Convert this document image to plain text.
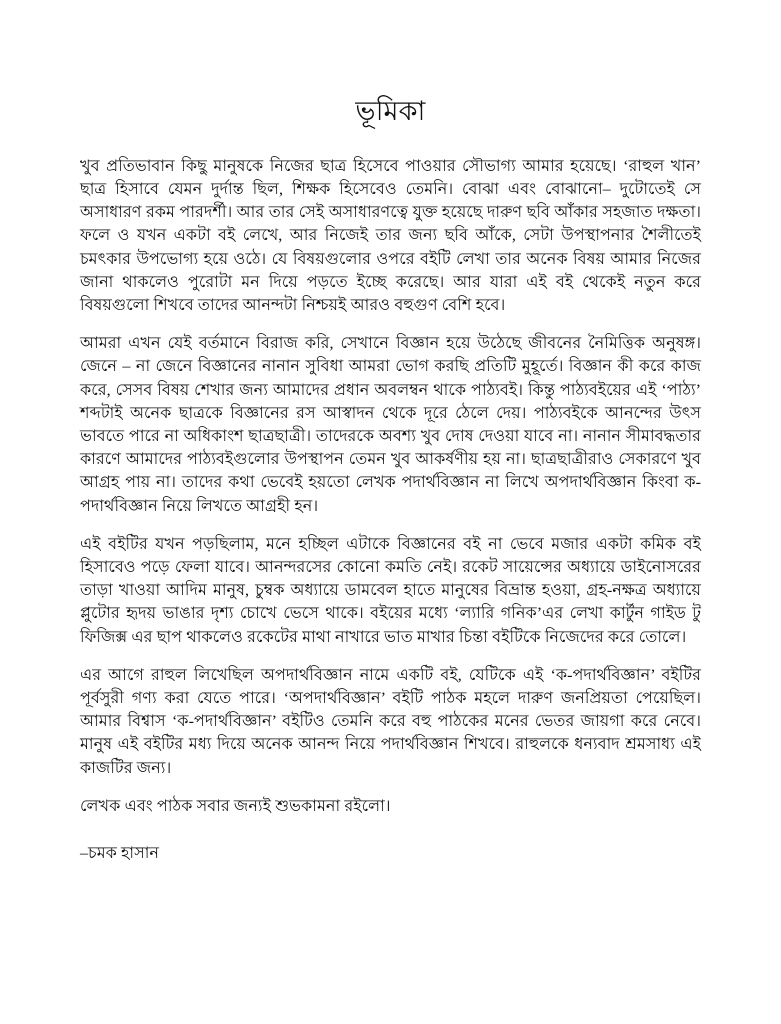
ভূমিকা

খুব প্রতিভাবান কিছু মানুষকে নিজের ছাত্র হিসেবে পাওয়ার সৌভাগ্য আমার হয়েছে। ‘রাহুল খান’ ছাত্র হিসাবে যেমন দুর্দান্ত ছিল, শিক্ষক হিসেবেও তেমনি। বোঝা এবং বোঝানো– দুটোতেই সে অসাধারণ রকম পারদর্শী। আর তার সেই অসাধারণত্বে যুক্ত হয়েছে দারুণ ছবি আঁকার সহজাত দক্ষতা। ফলে ও যখন একটা বই লেখে, আর নিজেই তার জন্য ছবি আঁকে, সেটা উপস্থাপনার শৈলীতেই চমৎকার উপভোগ্য হয়ে ওঠে। যে বিষয়গুলোর ওপরে বইটি লেখা তার অনেক বিষয় আমার নিজের জানা থাকলেও পুরোটা মন দিয়ে পড়তে ইচ্ছে করেছে। আর যারা এই বই থেকেই নতুন করে বিষয়গুলো শিখবে তাদের আনন্দটা নিশ্চয়ই আরও বহুগুণ বেশি হবে।

আমরা এখন যেই বর্তমানে বিরাজ করি, সেখানে বিজ্ঞান হয়ে উঠেছে জীবনের নৈমিত্তিক অনুষঙ্গ। জেনে – না জেনে বিজ্ঞানের নানান সুবিধা আমরা ভোগ করছি প্রতিটি মুহূর্তে। বিজ্ঞান কী করে কাজ করে, সেসব বিষয় শেখার জন্য আমাদের প্রধান অবলম্বন থাকে পাঠ্যবই। কিন্তু পাঠ্যবইয়ের এই ‘পাঠ্য’ শব্দটাই অনেক ছাত্রকে বিজ্ঞানের রস আস্বাদন থেকে দূরে ঠেলে দেয়। পাঠ্যবইকে আনন্দের উৎস ভাবতে পারে না অধিকাংশ ছাত্রছাত্রী। তাদেরকে অবশ্য খুব দোষ দেওয়া যাবে না। নানান সীমাবদ্ধতার কারণে আমাদের পাঠ্যবইগুলোর উপস্থাপন তেমন খুব আকর্ষণীয় হয় না। ছাত্রছাত্রীরাও সেকারণে খুব আগ্রহ পায় না। তাদের কথা ভেবেই হয়তো লেখক পদার্থবিজ্ঞান না লিখে অপদার্থবিজ্ঞান কিংবা ক-পদার্থবিজ্ঞান নিয়ে লিখতে আগ্রহী হন।

এই বইটির যখন পড়ছিলাম, মনে হচ্ছিল এটাকে বিজ্ঞানের বই না ভেবে মজার একটা কমিক বই হিসাবেও পড়ে ফেলা যাবে। আনন্দরসের কোনো কমতি নেই। রকেট সায়েন্সের অধ্যায়ে ডাইনোসরের তাড়া খাওয়া আদিম মানুষ, চুম্বক অধ্যায়ে ডামবেল হাতে মানুষের বিভ্রান্ত হওয়া, গ্রহ-নক্ষত্র অধ্যায়ে প্লুটোর হৃদয় ভাঙার দৃশ্য চোখে ভেসে থাকে। বইয়ের মধ্যে ‘ল্যারি গনিক’এর লেখা কার্টুন গাইড টু ফিজিক্স এর ছাপ থাকলেও রকেটের মাথা নাখারে ভাত মাখার চিন্তা বইটিকে নিজেদের করে তোলে।

এর আগে রাহুল লিখেছিল অপদার্থবিজ্ঞান নামে একটি বই, যেটিকে এই ‘ক-পদার্থবিজ্ঞান’ বইটির পূর্বসুরী গণ্য করা যেতে পারে। ‘অপদার্থবিজ্ঞান’ বইটি পাঠক মহলে দারুণ জনপ্রিয়তা পেয়েছিল। আমার বিশ্বাস ‘ক-পদার্থবিজ্ঞান’ বইটিও তেমনি করে বহু পাঠকের মনের ভেতর জায়গা করে নেবে। মানুষ এই বইটির মধ্য দিয়ে অনেক আনন্দ নিয়ে পদার্থবিজ্ঞান শিখবে। রাহুলকে ধন্যবাদ শ্রমসাধ্য এই কাজটির জন্য।

লেখক এবং পাঠক সবার জন্যই শুভকামনা রইলো।

–চমক হাসান
